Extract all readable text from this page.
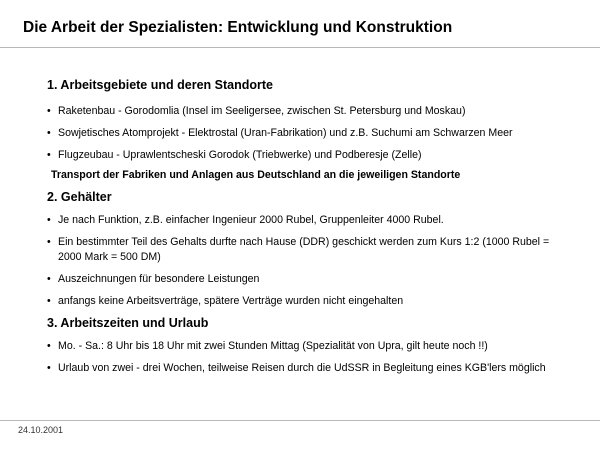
Die Arbeit der Spezialisten: Entwicklung und Konstruktion
1. Arbeitsgebiete und deren Standorte
• Raketenbau - Gorodomlia (Insel im Seeligersee, zwischen St. Petersburg und Moskau)
• Sowjetisches Atomprojekt - Elektrostal (Uran-Fabrikation) und z.B. Suchumi am Schwarzen Meer
• Flugzeubau - Uprawlentscheski Gorodok (Triebwerke) und Podberesje (Zelle)
Transport der Fabriken und Anlagen aus Deutschland an die jeweiligen Standorte
2. Gehälter
• Je nach Funktion, z.B. einfacher Ingenieur 2000 Rubel, Gruppenleiter 4000 Rubel.
• Ein bestimmter Teil des Gehalts durfte nach Hause (DDR) geschickt werden zum Kurs 1:2 (1000 Rubel = 2000 Mark = 500 DM)
• Auszeichnungen für besondere Leistungen
• anfangs keine Arbeitsverträge, spätere Verträge wurden nicht eingehalten
3. Arbeitszeiten und Urlaub
• Mo. - Sa.: 8 Uhr bis 18 Uhr mit zwei Stunden Mittag (Spezialität von Upra, gilt heute noch !!)
• Urlaub von zwei - drei Wochen, teilweise Reisen durch die UdSSR in Begleitung eines KGB'lers möglich
24.10.2001
